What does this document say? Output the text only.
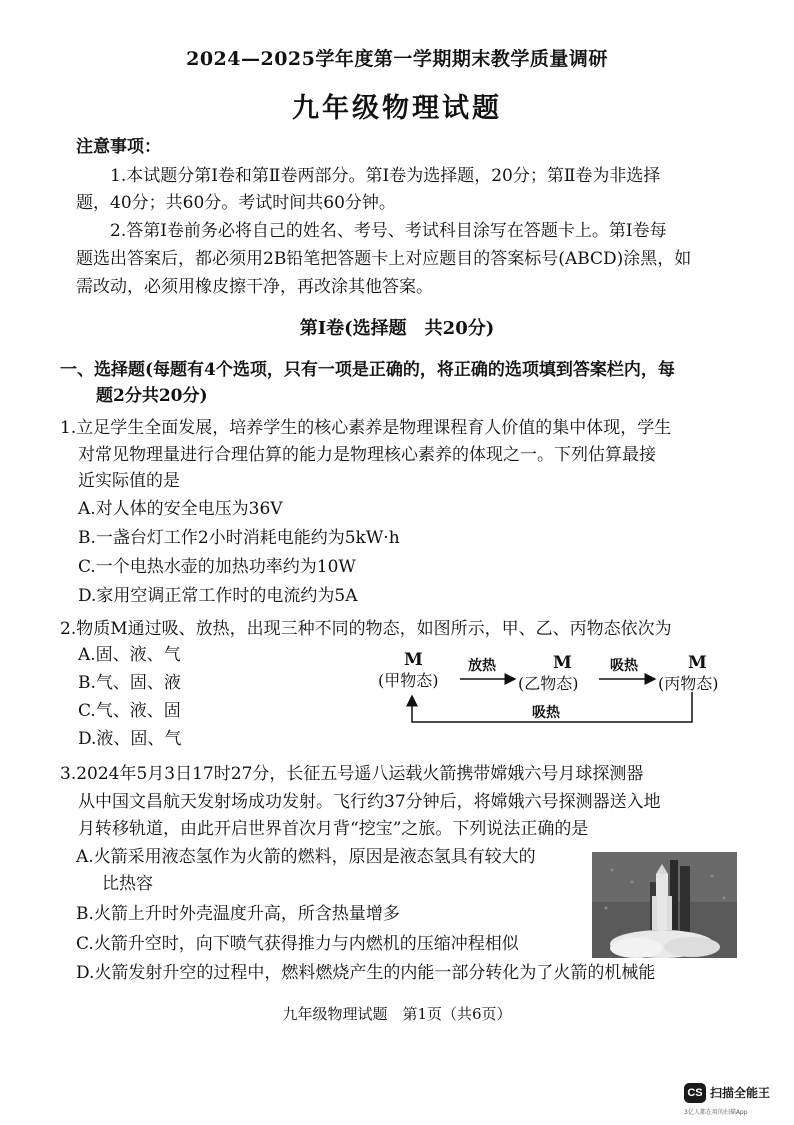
2024—2025学年度第一学期期末教学质量调研
九年级物理试题
注意事项：
1.本试题分第Ⅰ卷和第Ⅱ卷两部分。第Ⅰ卷为选择题，20分；第Ⅱ卷为非选择
题，40分；共60分。考试时间共60分钟。
2.答第Ⅰ卷前务必将自己的姓名、考号、考试科目涂写在答题卡上。第Ⅰ卷每
题选出答案后，都必须用2B铅笔把答题卡上对应题目的答案标号(ABCD)涂黑，如
需改动，必须用橡皮擦干净，再改涂其他答案。
第Ⅰ卷(选择题　共20分)
一、选择题(每题有4个选项，只有一项是正确的，将正确的选项填到答案栏内，每
题2分共20分)
1.立足学生全面发展，培养学生的核心素养是物理课程育人价值的集中体现，学生
对常见物理量进行合理估算的能力是物理核心素养的体现之一。下列估算最接
近实际值的是
A.对人体的安全电压为36V
B.一盏台灯工作2小时消耗电能约为5kW·h
C.一个电热水壶的加热功率约为10W
D.家用空调正常工作时的电流约为5A
2.物质M通过吸、放热，出现三种不同的物态，如图所示，甲、乙、丙物态依次为
A.固、液、气
B.气、固、液
C.气、液、固
D.液、固、气
M
(甲物态)
放热	M
(乙物态)
吸热	M
(丙物态)
吸热
3.2024年5月3日17时27分，长征五号遥八运载火箭携带嫦娥六号月球探测器
从中国文昌航天发射场成功发射。飞行约37分钟后，将嫦娥六号探测器送入地
月转移轨道，由此开启世界首次月背“挖宝”之旅。下列说法正确的是
A.火箭采用液态氢作为火箭的燃料，原因是液态氢具有较大的
比热容
B.火箭上升时外壳温度升高，所含热量增多
C.火箭升空时，向下喷气获得推力与内燃机的压缩冲程相似
D.火箭发射升空的过程中，燃料燃烧产生的内能一部分转化为了火箭的机械能
九年级物理试题　第1页（共6页）
CS 扫描全能王
3亿人都在用的扫描App
